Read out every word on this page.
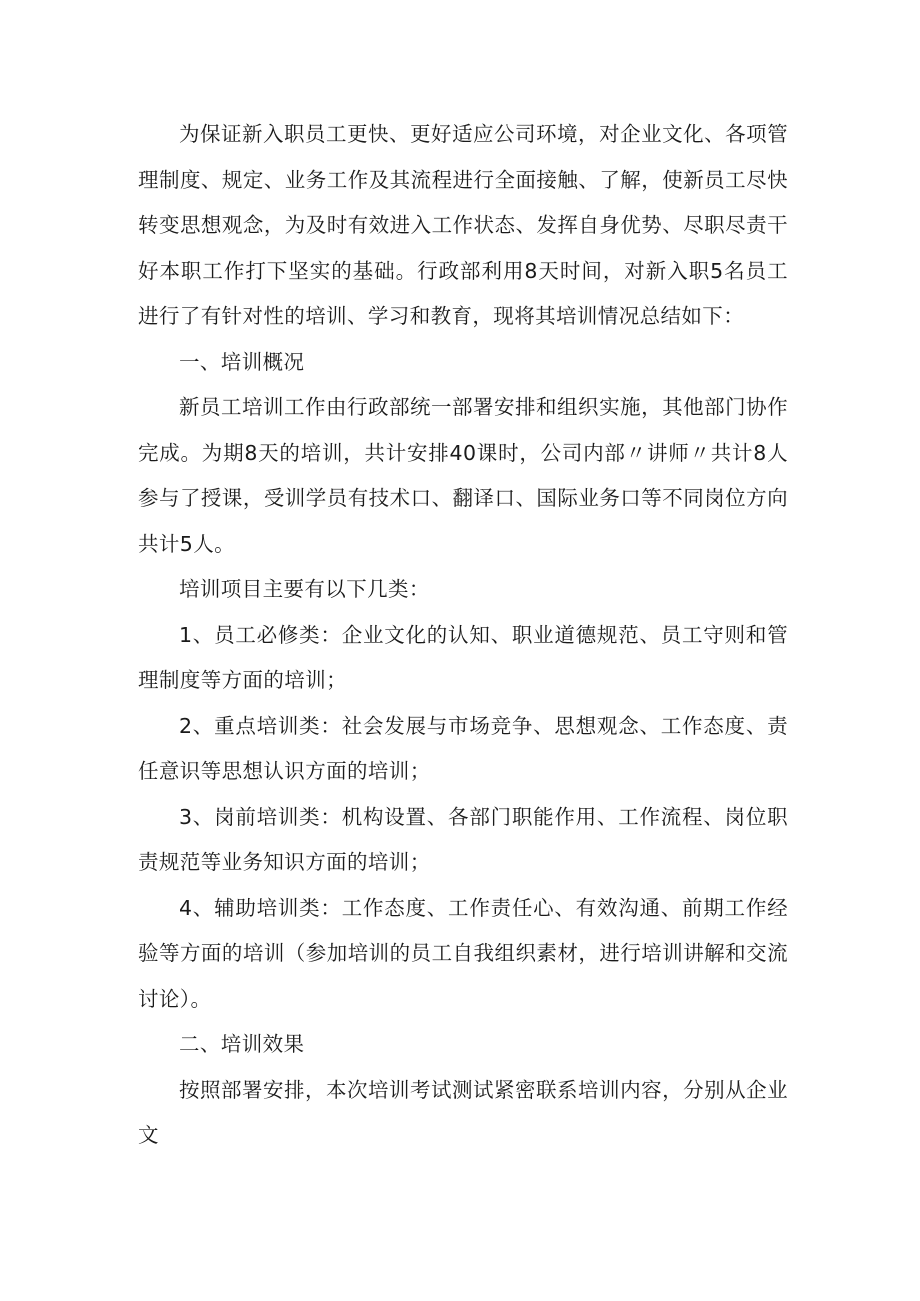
为保证新入职员工更快、更好适应公司环境，对企业文化、各项管理制度、规定、业务工作及其流程进行全面接触、了解，使新员工尽快转变思想观念，为及时有效进入工作状态、发挥自身优势、尽职尽责干好本职工作打下坚实的基础。行政部利用8天时间，对新入职5名员工进行了有针对性的培训、学习和教育，现将其培训情况总结如下：

一、培训概况

新员工培训工作由行政部统一部署安排和组织实施，其他部门协作完成。为期8天的培训，共计安排40课时，公司内部〃讲师〃共计8人参与了授课，受训学员有技术口、翻译口、国际业务口等不同岗位方向共计5人。

培训项目主要有以下几类：

1、员工必修类：企业文化的认知、职业道德规范、员工守则和管理制度等方面的培训；

2、重点培训类：社会发展与市场竞争、思想观念、工作态度、责任意识等思想认识方面的培训；

3、岗前培训类：机构设置、各部门职能作用、工作流程、岗位职责规范等业务知识方面的培训；

4、辅助培训类：工作态度、工作责任心、有效沟通、前期工作经验等方面的培训（参加培训的员工自我组织素材，进行培训讲解和交流讨论）。

二、培训效果

按照部署安排，本次培训考试测试紧密联系培训内容，分别从企业文
